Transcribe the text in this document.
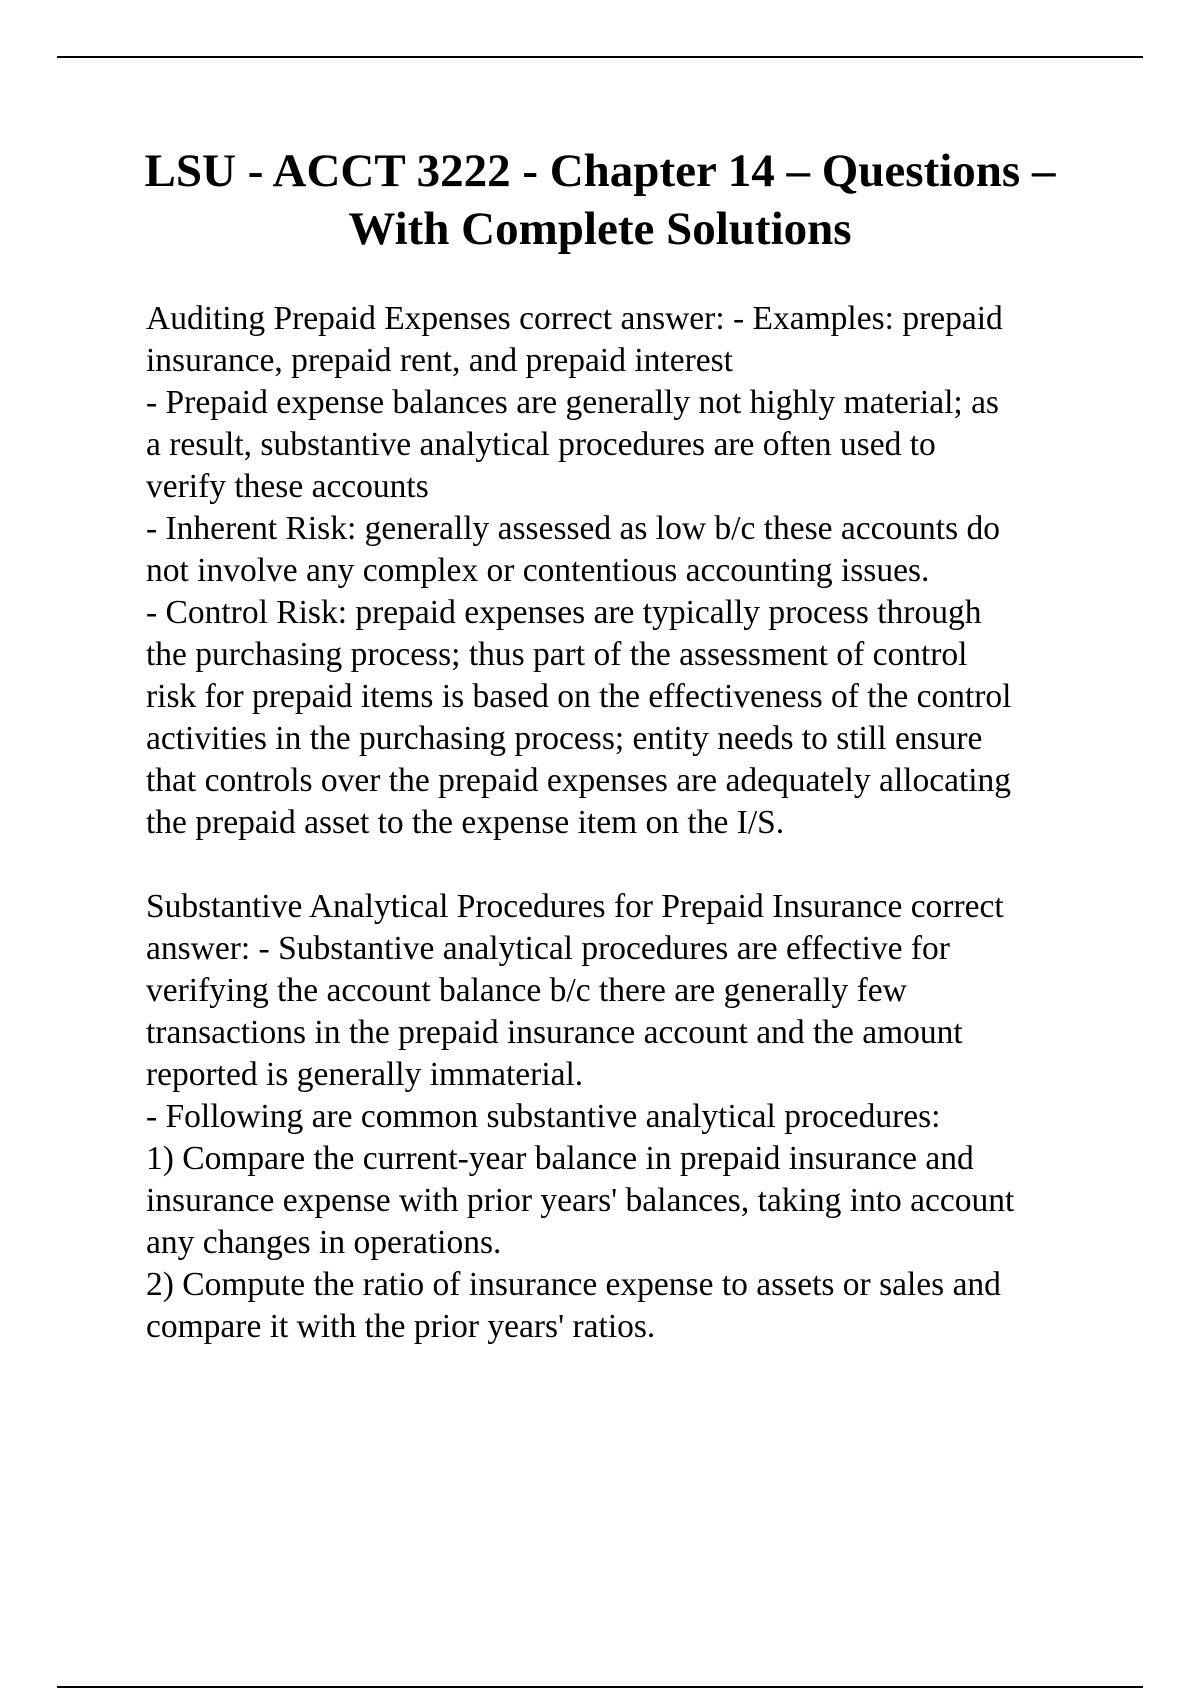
LSU - ACCT 3222 - Chapter 14 – Questions –
With Complete Solutions

Auditing Prepaid Expenses correct answer: - Examples: prepaid
insurance, prepaid rent, and prepaid interest
- Prepaid expense balances are generally not highly material; as
a result, substantive analytical procedures are often used to
verify these accounts
- Inherent Risk: generally assessed as low b/c these accounts do
not involve any complex or contentious accounting issues.
- Control Risk: prepaid expenses are typically process through
the purchasing process; thus part of the assessment of control
risk for prepaid items is based on the effectiveness of the control
activities in the purchasing process; entity needs to still ensure
that controls over the prepaid expenses are adequately allocating
the prepaid asset to the expense item on the I/S.

Substantive Analytical Procedures for Prepaid Insurance correct
answer: - Substantive analytical procedures are effective for
verifying the account balance b/c there are generally few
transactions in the prepaid insurance account and the amount
reported is generally immaterial.
- Following are common substantive analytical procedures:
1) Compare the current-year balance in prepaid insurance and
insurance expense with prior years' balances, taking into account
any changes in operations.
2) Compute the ratio of insurance expense to assets or sales and
compare it with the prior years' ratios.
